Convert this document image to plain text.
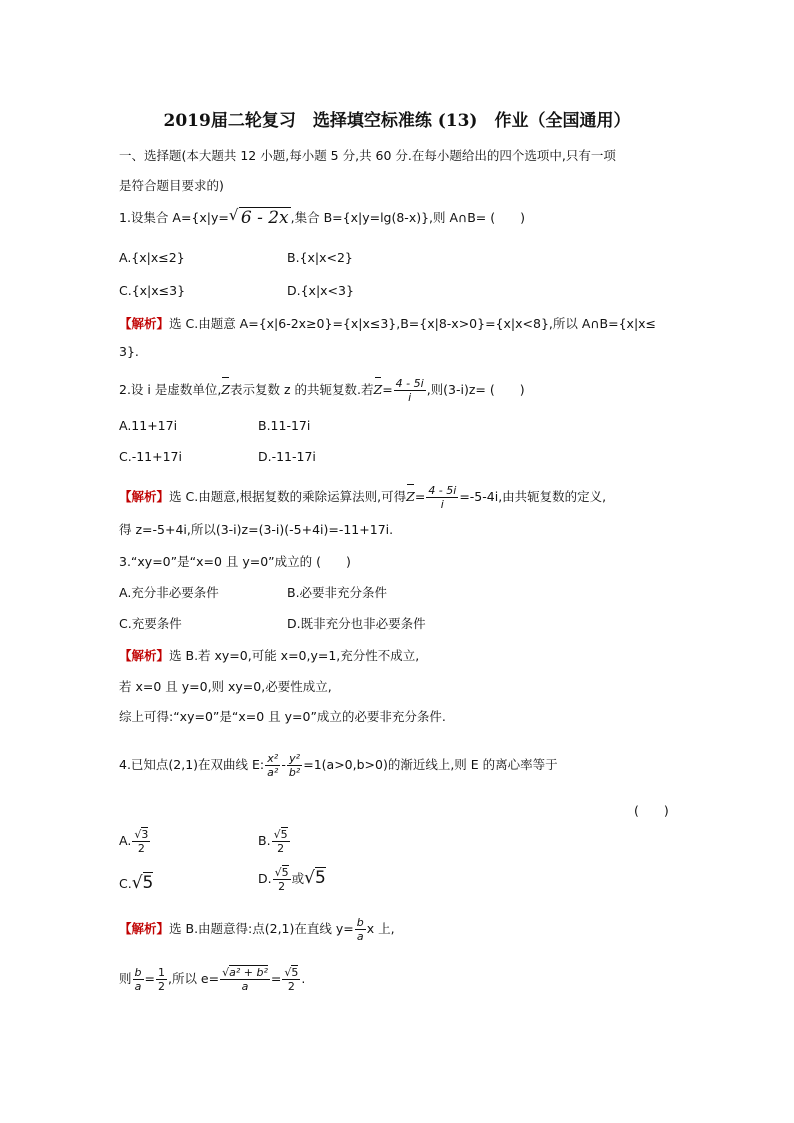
2019届二轮复习　选择填空标准练 (13)　作业（全国通用）
一、选择题(本大题共 12 小题,每小题 5 分,共 60 分.在每小题给出的四个选项中,只有一项
是符合题目要求的)
1.设集合 A={x|y= √ 6 - 2x ,集合 B={x|y=lg(8-x)},则 A∩B= (　　)
A.{x|x≤2}	B.{x|x<2}
C.{x|x≤3}	D.{x|x<3}
【解析】选 C.由题意 A={x|6-2x≥0}={x|x≤3},B={x|8-x>0}={x|x<8},所以 A∩B={x|x≤
3}.
2.设 i 是虚数单位,Z表示复数 z 的共轭复数.若$Z= \frac{4 - 5i}{i}$ ,则(3-i)z= (　　)
A.11+17i	B.11-17i
C.-11+17i	D.-11-17i
【解析】选 C.由题意,根据复数的乘除运算法则,可得$Z= \frac{4 - 5i}{i} =-5-4i$,由共轭复数的定义,
得 z=-5+4i,所以(3-i)z=(3-i)(-5+4i)=-11+17i.
3.“xy=0”是“x=0 且 y=0”成立的 (　　)
A.充分非必要条件	B.必要非充分条件
C.充要条件	D.既非充分也非必要条件
【解析】选 B.若 xy=0,可能 x=0,y=1,充分性不成立,
若 x=0 且 y=0,则 xy=0,必要性成立,
综上可得:“xy=0”是“x=0 且 y=0”成立的必要非充分条件.
4.已知点(2,1)在双曲线 E: $\frac{\text{x²}}{\text{a²}} - \frac{\text{y²}}{\text{b²}} =1(a>0,b>0)$的渐近线上,则 E 的离心率等于
(　　)
A. $\frac{√3}{2}$	B. $\frac{√5}{2}$
C.√5	D. $\frac{√5}{2}$ 或√5
【解析】选 B.由题意得:点(2,1)在直线 $y= \frac{b}{a}$ x 上,
则 $\frac{b}{a} = \frac{1}{2}$ ,所以 $e= \frac{\text{√a² + b²}}{a} = \frac{√5}{2}$ .
